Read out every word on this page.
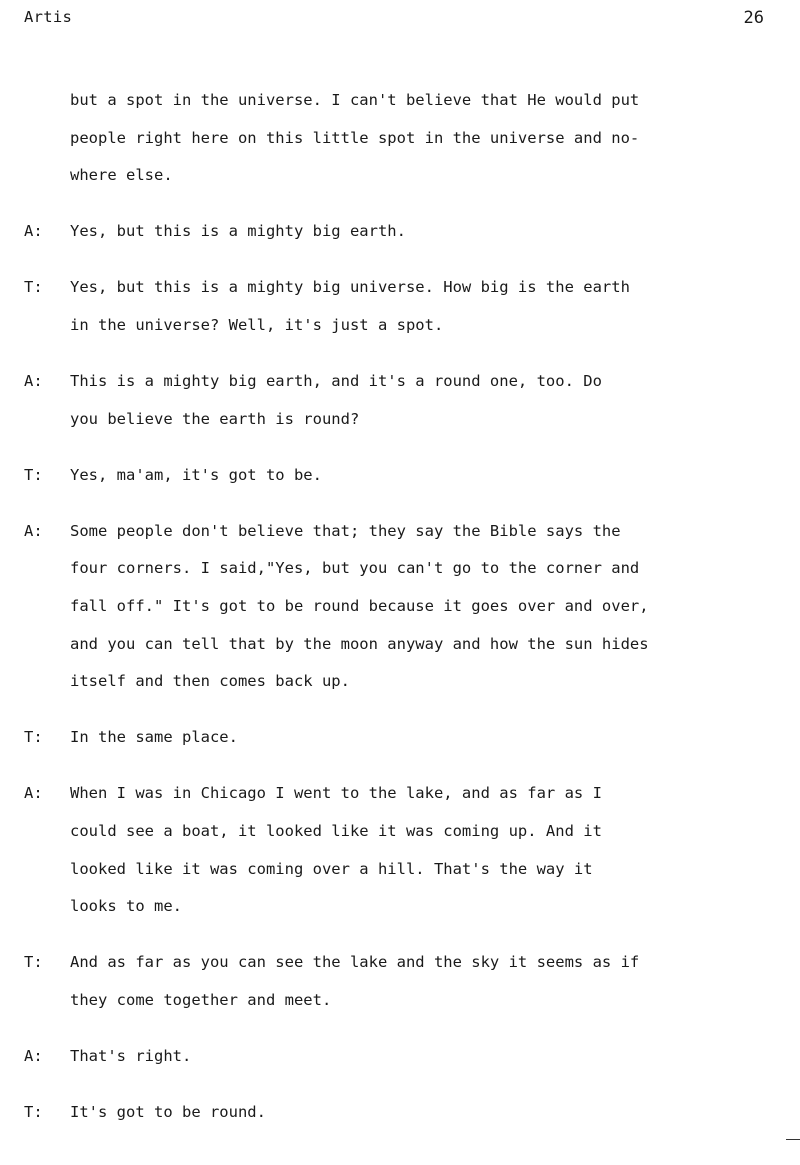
Artis	26
but a spot in the universe. I can't believe that He would put
people right here on this little spot in the universe and no-
where else.
A:	Yes, but this is a mighty big earth.
T:	Yes, but this is a mighty big universe. How big is the earth
in the universe? Well, it's just a spot.
A:	This is a mighty big earth, and it's a round one, too. Do
you believe the earth is round?
T:	Yes, ma'am, it's got to be.
A:	Some people don't believe that; they say the Bible says the
four corners. I said,"Yes, but you can't go to the corner and
fall off." It's got to be round because it goes over and over,
and you can tell that by the moon anyway and how the sun hides
itself and then comes back up.
T:	In the same place.
A:	When I was in Chicago I went to the lake, and as far as I
could see a boat, it looked like it was coming up. And it
looked like it was coming over a hill. That's the way it
looks to me.
T:	And as far as you can see the lake and the sky it seems as if
they come together and meet.
A:	That's right.
T:	It's got to be round.
